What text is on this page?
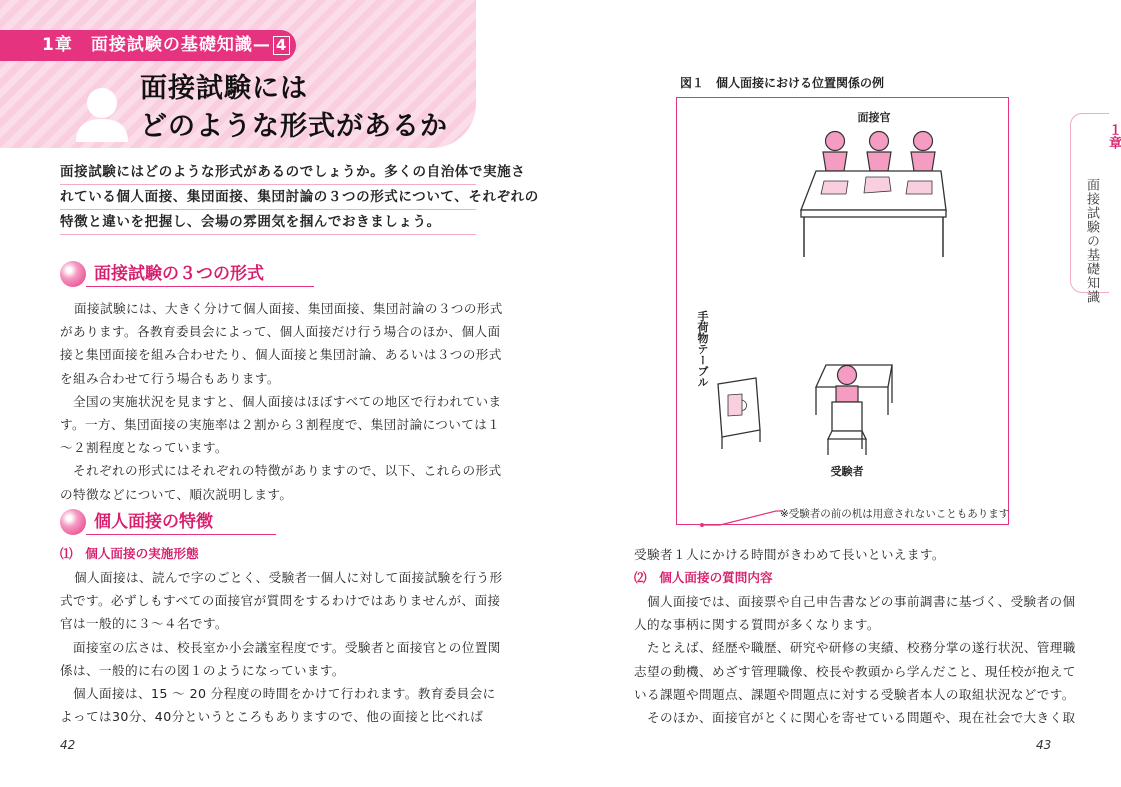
1章　面接試験の基礎知識— 4
面接試験には
どのような形式があるか
面接試験にはどのような形式があるのでしょうか。多くの自治体で実施さ
れている個人面接、集団面接、集団討論の３つの形式について、それぞれの
特徴と違いを把握し、会場の雰囲気を掴んでおきましょう。
面接試験の３つの形式
面接試験には、大きく分けて個人面接、集団面接、集団討論の３つの形式
があります。各教育委員会によって、個人面接だけ行う場合のほか、個人面
接と集団面接を組み合わせたり、個人面接と集団討論、あるいは３つの形式
を組み合わせて行う場合もあります。
　全国の実施状況を見ますと、個人面接はほぼすべての地区で行われていま
す。一方、集団面接の実施率は２割から３割程度で、集団討論については１
～２割程度となっています。
　それぞれの形式にはそれぞれの特徴がありますので、以下、これらの形式
の特徴などについて、順次説明します。
個人面接の特徴
⑴　個人面接の実施形態
個人面接は、読んで字のごとく、受験者一個人に対して面接試験を行う形
式です。必ずしもすべての面接官が質問をするわけではありませんが、面接
官は一般的に３～４名です。
　面接室の広さは、校長室か小会議室程度です。受験者と面接官との位置関
係は、一般的に右の図１のようになっています。
　個人面接は、15 ～ 20 分程度の時間をかけて行われます。教育委員会に
よっては30分、40分というところもありますので、他の面接と比べれば
42
図１　個人面接における位置関係の例
面接官
手荷物テーブル
受験者
※受験者の前の机は用意されないこともあります
受験者１人にかける時間がきわめて長いといえます。
⑵　個人面接の質問内容
　個人面接では、面接票や自己申告書などの事前調書に基づく、受験者の個
人的な事柄に関する質問が多くなります。
　たとえば、経歴や職歴、研究や研修の実績、校務分掌の遂行状況、管理職
志望の動機、めざす管理職像、校長や教頭から学んだこと、現任校が抱えて
いる課題や問題点、課題や問題点に対する受験者本人の取組状況などです。
　そのほか、面接官がとくに関心を寄せている問題や、現在社会で大きく取
43
１章
面接試験の基礎知識
